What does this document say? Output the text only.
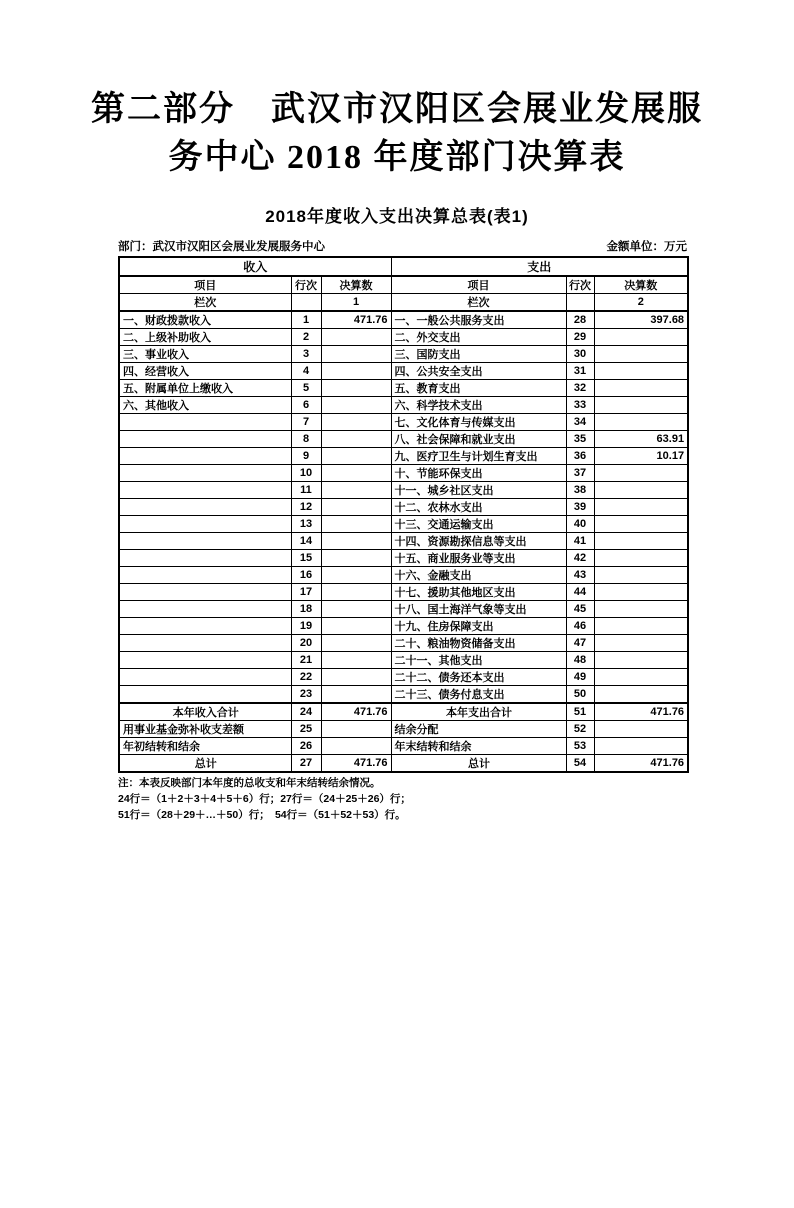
第二部分　武汉市汉阳区会展业发展服
务中心 2018 年度部门决算表
2018年度收入支出决算总表(表1)
部门：武汉市汉阳区会展业发展服务中心	金额单位：万元
收入			支出		
项目	行次	决算数	项目	行次	决算数
栏次		1	栏次		2
一、财政拨款收入	1	471.76	一、一般公共服务支出	28	397.68
二、上级补助收入	2		二、外交支出	29	
三、事业收入	3		三、国防支出	30	
四、经营收入	4		四、公共安全支出	31	
五、附属单位上缴收入	5		五、教育支出	32	
六、其他收入	6		六、科学技术支出	33	
	7		七、文化体育与传媒支出	34	
	8		八、社会保障和就业支出	35	63.91
	9		九、医疗卫生与计划生育支出	36	10.17
	10		十、节能环保支出	37	
	11		十一、城乡社区支出	38	
	12		十二、农林水支出	39	
	13		十三、交通运输支出	40	
	14		十四、资源勘探信息等支出	41	
	15		十五、商业服务业等支出	42	
	16		十六、金融支出	43	
	17		十七、援助其他地区支出	44	
	18		十八、国土海洋气象等支出	45	
	19		十九、住房保障支出	46	
	20		二十、粮油物资储备支出	47	
	21		二十一、其他支出	48	
	22		二十二、债务还本支出	49	
	23		二十三、债务付息支出	50	
本年收入合计	24	471.76	本年支出合计	51	471.76
用事业基金弥补收支差额	25		结余分配	52	
年初结转和结余	26		年末结转和结余	53	
总计	27	471.76	总计	54	471.76
注：本表反映部门本年度的总收支和年末结转结余情况。
24行＝（1＋2＋3＋4＋5＋6）行；27行＝（24＋25＋26）行；
51行＝（28＋29＋…＋50）行；　54行＝（51＋52＋53）行。
